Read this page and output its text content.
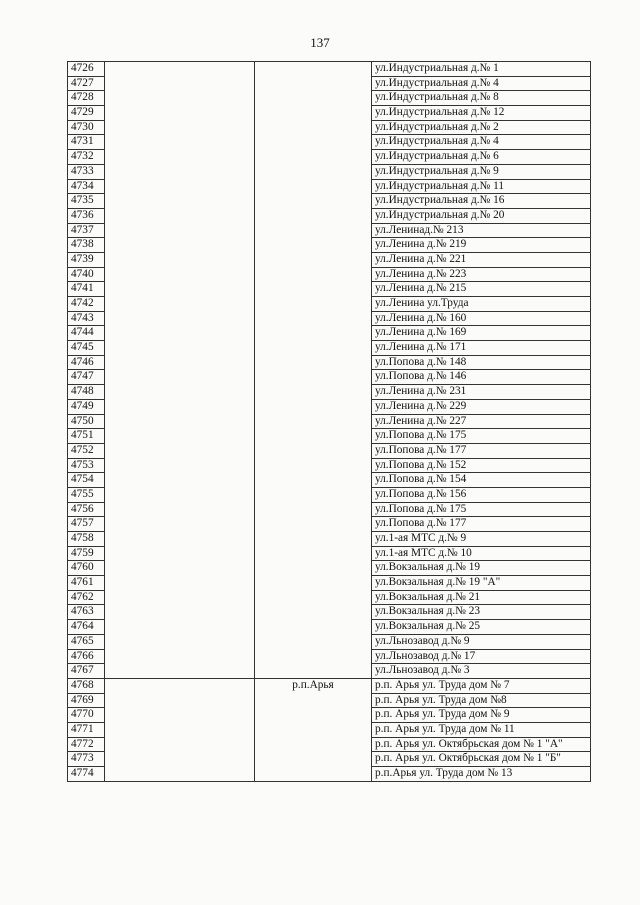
137
4726			ул.Индустриальная д.№ 1
4727			ул.Индустриальная д.№ 4
4728			ул.Индустриальная д.№ 8
4729			ул.Индустриальная д.№ 12
4730			ул.Индустриальная д.№ 2
4731			ул.Индустриальная д.№ 4
4732			ул.Индустриальная д.№ 6
4733			ул.Индустриальная д.№ 9
4734			ул.Индустриальная д.№ 11
4735			ул.Индустриальная д.№ 16
4736			ул.Индустриальная д.№ 20
4737			ул.Ленинад.№ 213
4738			ул.Ленина д.№ 219
4739			ул.Ленина д.№ 221
4740			ул.Ленина д.№ 223
4741			ул.Ленина д.№ 215
4742			ул.Ленина ул.Труда
4743			ул.Ленина д.№ 160
4744			ул.Ленина д.№ 169
4745			ул.Ленина д.№ 171
4746			ул.Попова д.№ 148
4747			ул.Попова д.№ 146
4748			ул.Ленина д.№ 231
4749			ул.Ленина д.№ 229
4750			ул.Ленина д.№ 227
4751			ул.Попова д.№ 175
4752			ул.Попова д.№ 177
4753			ул.Попова д.№ 152
4754			ул.Попова д.№ 154
4755			ул.Попова д.№ 156
4756			ул.Попова д.№ 175
4757			ул.Попова д.№ 177
4758			ул.1-ая МТС д.№ 9
4759			ул.1-ая МТС д.№ 10
4760			ул.Вокзальная д.№ 19
4761			ул.Вокзальная д.№ 19 "А"
4762			ул.Вокзальная д.№ 21
4763			ул.Вокзальная д.№ 23
4764			ул.Вокзальная д.№ 25
4765			ул.Льнозавод д.№ 9
4766			ул.Льнозавод д.№ 17
4767			ул.Льнозавод д.№ 3
4768		р.п.Арья	р.п. Арья ул. Труда дом № 7
4769			р.п. Арья ул. Труда дом №8
4770			р.п. Арья ул. Труда дом № 9
4771			р.п. Арья ул. Труда дом № 11
4772			р.п. Арья ул. Октябрьская дом № 1 "А"
4773			р.п. Арья ул. Октябрьская дом № 1 "Б"
4774			р.п.Арья ул. Труда дом № 13
